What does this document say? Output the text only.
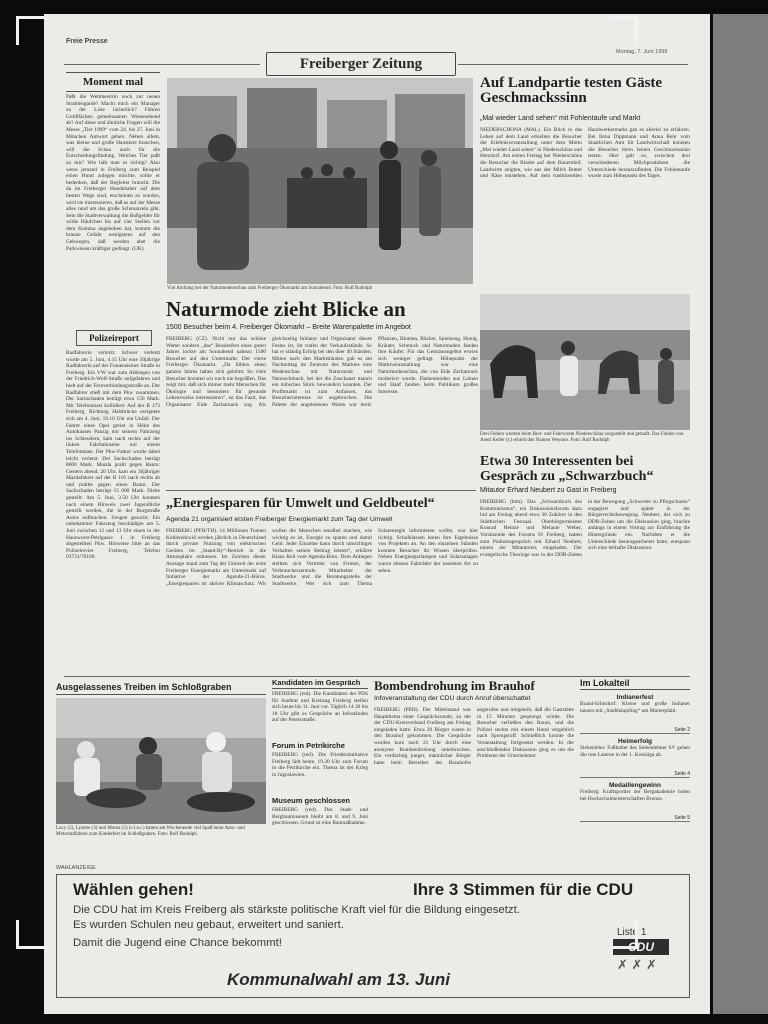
Freie Presse
Freiberger Zeitung
Montag, 7. Juni 1999
Moment mal
Paßt die Weltmeistrin noch zur neuen Strahlengarde? Macht mich ein Manager zu der Liste lächerlich? Führen Goldflächen gemeinsamen Wiesenebend ab? Auf diese und ähnliche Fragen will die Messe „Tier 1999“ vom 24. bis 27. Juni in München Antwort geben. Neben allem, was kleine und große Haustiere brauchen, will die Schau auch für die Entscheidungsfindung. Welches Tier paßt zu mir? Wie hält man es richtig? Also wenn jemand in Freiberg zum Beispiel einen Hund zulegen möchte, sollte er bedenken, daß der Begleiter braucht. Die da im Freiberger Hundehalter auf dem besten Wege sind, erscheinen es wurden, wird sie interessieren, daß es auf der Messe alles rund um das große Schmunzeln gibt. Sein die Stadtverwaltung die Bußgelder für wilde Häufchen bis auf vier Stellen vor dem Komma angehoben hat, kommt die braune Gefahr wenigstens auf den Gehwegen, daß werden aber die Parkwiesen kräftiger gedüngt. (UK)
Polizeireport
Radfahrerin verletzt: Schwer verletzt wurde am 5. Juni, 4.15 Uhr eine 50jährige Radfahrerin auf der Frauensteiner Straße in Freiberg. Ein VW war zum Abbiegen von der Friedrich-Wolf-Straße aufgefahren und hielt auf der Fernverbindungsstraße an. Der Radfahrer stieß mit dem Pkw zusammen. Der Sachschaden beträgt etwa 150 Mark. Mit Telefonmast kollidiert: Auf der B 173 Freiberg, Richtung Halsbrücke ereignete sich am 4. Juni, 19.10 Uhr ein Unfall. Der Fahrer eines Opel geriet in Höhe des Autohauses Panzig mit seinem Fahrzeug ins Schleudern, kam nach rechts auf der linken Fahrbahnseite mit einem Telefonmast. Der Pkw-Fahrer wurde dabei leicht verletzt. Der Sachschaden beträgt 8000 Mark. Mazda prallt gegen Baum: Gestern abend, 20 Uhr, kam ein 36jähriger Mazdafahrer auf der B 101 nach rechts ab und prallte gegen einen Baum. Der Sachschaden beträgt 15 000 Mark. Diebe gestellt: Am 5. Juni, 3.50 Uhr konnten nach einem Hinweis zwei Jugendliche gestellt werden, die in der Burgstraße Autos aufbrachen. Zeugen gesucht: Ein unbekannter Fahrzeug beschädigte am 5. Juni zwischen 12 und 13 Uhr einen in der Hauswurst-Petrigasse 1 in Freiberg abgestellten Pkw. Hinweise bitte an das Polizeirevier Freiberg, Telefon 03731/70100.
Viel Andrang bei der Naturmodenschau zum Freiberger Ökomarkt am Sonnabend. Foto: Rolf Rudolph
Auf Landpartie testen Gäste Geschmackssinn
„Mal wieder Land sehen“ mit Fohlentaufe und Markt
NIEDERSCHÖNA (MAL). Ein Blick in das Leben auf dem Land erhielten die Besucher der Erlebnisveranstaltung unter dem Motto „Mal wieder Land sehen“ in Niederschöna und Hetzdorf. Am ersten Freitag bei Niederschöna die Besucher die Rinder auf dem Bauernhof. Landwirte zeigten, wie aus der Milch Butter und Käse entstehen. Auf dem traditionellen Handwerkermarkt gab es allerlei zu erfahren. Bei Ilona Dippmann und Anna Behr vom Staatlichen Amt für Landwirtschaft konnten die Besucher ihren feinen Geschmackssinn testen. Hier galt es, zwischen drei verschiedenen Milchprodukten die Unterschiede herauszufinden. Die Fohlentaufe wurde zum Höhepunkt des Tages.
Naturmode zieht Blicke an
1500 Besucher beim 4. Freiberger Ökomarkt – Breite Warenpalette im Angebot
FREIBERG (CZ). Nicht nur das schöne Wetter sondern „das“ Biosiesfest eines guten Jahres lockte am Sonnabend nahezu 1500 Besucher auf den Untermarkt: Der vierte Freiberger Ökomarkt. „Da fühlen einen ganzen Jahres haben sich gelohnt. So viele Besucher konnten wir noch nie begrüßen. Das zeigt mir, daß sich immer mehr Menschen für Ökologie und besonders für gesunde Lebensweise interessieren“, ist das Fazit, das Organisator Eide Zacharnack zog. Als gleichzeitig Initiator und Organisator dieses Festes ist, ihr trafen der Verkaufsstände. So hat er ständig Erfolg bei den über 40 Ständen. Mitten nach den Marktständen gab es am Nachmittag im Zentrum des Marktes eine Modenschau mit Naturmode und Naturschmuck, bei der die Zuschauer manch ein hübsches Stück bewundern konnten. Der Profitmarkt ist zum Anfassen, das Besucherinteresse ist ungebrochen. Die Palette der angebotenen Waren war breit: Pflanzen, Blumen, Bücher, Spielzeug, Honig, Kräuter, Schmuck und Naturmoden fanden ihre Käufer. Für das Gemüseangebot erwies sich weniger gefragt. Höhepunkt der Marktveranstaltung war eine Naturmodenschau, die von Eide Zacharnack moderiert wurde. Damenmoden aus Leinen und Hanf fanden beim Publikum großes Interesse.
Drei Fohlen wurden beim Reit- und Fahrverein Niederschöna vorgestellt und getauft. Das Fohlen von Anett Keller (r.) erhielt den Namen Weyono. Foto: Rolf Rudolph
Etwa 30 Interessenten bei Gespräch zu „Schwarzbuch“
Mitautor Erhard Neubert zu Gast in Freiberg
FREIBERG (btm). Das „Schwarzbuch des Kommunismus“, ein Diskussionsforum dazu lud am Freitag abend etwa 30 Zuhörer in den Städtischen Festsaal. Oberbürgermeister Konrad Heinze und Melanie Weber, Vorsitzende des Forums 91 Freiberg, hatten zum Podiumsgespräch mit Erhard Neubert, einem der Mitautoren, eingeladen. Der evangelische Theologe war in der DDR-Zeiten in der Bewegung „Schwerter zu Pflugscharen“ engagiert und später in der Bürgerrechtsbewegung. Neubert, der sich zu DDR-Zeiten um die Diskussion ging, brachte anfangs in einem Vortrag zur Einführung die Hintergründe ein. Nachdem er die Unterschiede herausgearbeitet hatte, entspann sich eine lebhafte Diskussion.
„Energiesparen für Umwelt und Geldbeutel“
Agenda 21 organisiert ersten Freiberger Energiemarkt zum Tag der Umwelt
FREIBERG (PFH/TH). 14 Millionen Tonnen Kohlendioxid werden jährlich in Deutschland durch private Nutzung von elektrischen Geräten im „Stand-By“-Betrieb in die Atmosphäre entlassen. Im Zeichen dieser Aussage stand zum Tag der Umwelt der erste Freiberger Energiemarkt am Untermarkt auf Initiative der Agenda-21-Büros. „Energiesparen ist aktiver Klimaschutz. Wir wollen die Menschen sensibel machen, wie wichtig es ist, Energie zu sparen und damit Geld. Jeder Einzelne kann durch umsichtiges Verhalten seinen Beitrag leisten“, erklärte Klaus Keil vom Agenda-Büro. Dem Anliegen stellten sich Vertreter von Firmen, der Verbraucherzentrale, Mitarbeiter der Stadtwerke und die Beratungsstelle der Stadtwerke. Wer sich zum Thema Solarenergie informieren wollte, war hier richtig. Schulklassen boten ihre Ergebnisse von Projekten an. An den einzelnen Ständen konnten Besucher ihr Wissen überprüfen. Neben Energiesparlampen und Solaranlagen waren ebenso Fahrräder der neuesten Art zu sehen.
Ausgelassenes Treiben im Schloßgraben
Lucy (2), Lysette (3) und Monia (5) (v.l.n.r.) hatten am Wochenende viel Spaß beim Auto- und Motorradfahren zum Kinderfest im Schloßgraben. Foto: Rolf Rudolph
Kandidaten im Gespräch
FREIBERG (red). Die Kandidaten der PDS für Stadtrat und Kreistag Freiberg stellen sich heute bis 11. Juni vor. Täglich 14.30 bis 18 Uhr gibt es Gespräche an Infoständen auf der Petersstraße.
Forum in Petrikirche
FREIBERG (red). Die Friedensinitiative Freiberg lädt heute, 19.30 Uhr zum Forum in die Petrikirche ein. Thema ist der Krieg in Jugoslawien.
Museum geschlossen
FREIBERG (red). Das Stadt- und Bergbaumuseum bleibt am 8. und 9. Juni geschlossen. Grund ist eine Baumaßnahme.
Bombendrohung im Brauhof
Infoveranstaltung der CDU durch Anruf überschattet
FREIBERG (PEH). Der Mittelstand war Hauptthema einer Gesprächsrunde, zu der der CDU-Kreisverband Freiberg am Freitag eingeladen hatte. Etwa 20 Bürger waren in den Brauhof gekommen. Die Gespräche wurden kurz nach 21 Uhr durch eine anonyme Bombendrohung unterbrochen. Ein verdächtig junger, männlicher Bürger hatte beim Betreiber des Brauhofes angerufen und mitgeteilt, daß die Gaststätte in 15 Minuten gesprengt würde. Die Besucher verließen den Raum, und die Polizei suchte mit einem Hund vergeblich nach Sprengstoff. Schließlich konnte die Veranstaltung fortgesetzt werden. In der anschließenden Diskussion ging es um die Probleme der Unternehmer.
Im Lokalteil
Indianerfest
Brand-Erbisdorf: Kleine und große Indianer tanzen mit „Stadthäuptling“ um Marterpfahl.
Seite 2
Heimerfolg
Siebenlehn: Fußballer des Siebenlehner SV gehen die rote Laterne in der 1. Kreisliga ab.
Seite 4
Medaillengewinn
Freiberg: Kraftsportler der Bergakademie holen bei Hochschulmeisterschaften Bronze.
Seite 5
WAHLANZEIGE
Wählen gehen!	Ihre 3 Stimmen für die CDU
Die CDU hat im Kreis Freiberg als stärkste politische Kraft viel für die Bildung eingesetzt.
Es wurden Schulen neu gebaut, erweitert und saniert.
Damit die Jugend eine Chance bekommt!
Liste 1
CDU
✗ ✗ ✗
Kommunalwahl am 13. Juni
